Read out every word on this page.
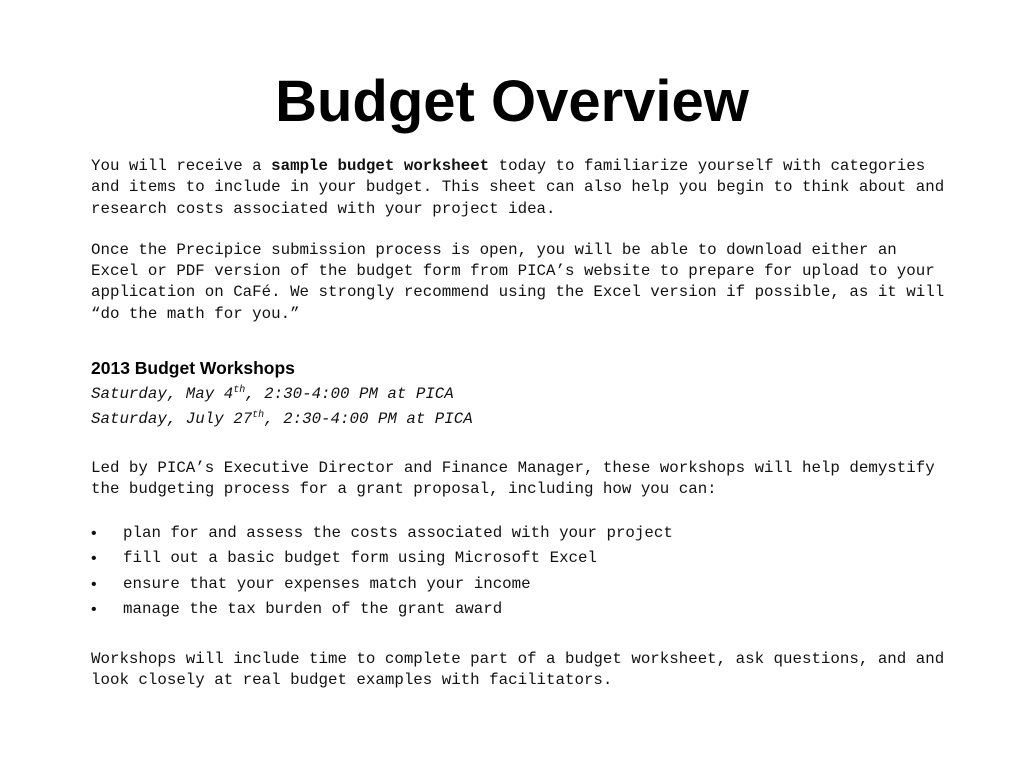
Budget Overview

You will receive a sample budget worksheet today to familiarize yourself with categories and items to include in your budget. This sheet can also help you begin to think about and research costs associated with your project idea.

Once the Precipice submission process is open, you will be able to download either an Excel or PDF version of the budget form from PICA’s website to prepare for upload to your application on CaFé. We strongly recommend using the Excel version if possible, as it will “do the math for you.”

2013 Budget Workshops

Saturday, May 4th, 2:30-4:00 PM at PICA
Saturday, July 27th, 2:30-4:00 PM at PICA

Led by PICA’s Executive Director and Finance Manager, these workshops will help demystify the budgeting process for a grant proposal, including how you can:

• plan for and assess the costs associated with your project
• fill out a basic budget form using Microsoft Excel
• ensure that your expenses match your income
• manage the tax burden of the grant award

Workshops will include time to complete part of a budget worksheet, ask questions, and and look closely at real budget examples with facilitators.
